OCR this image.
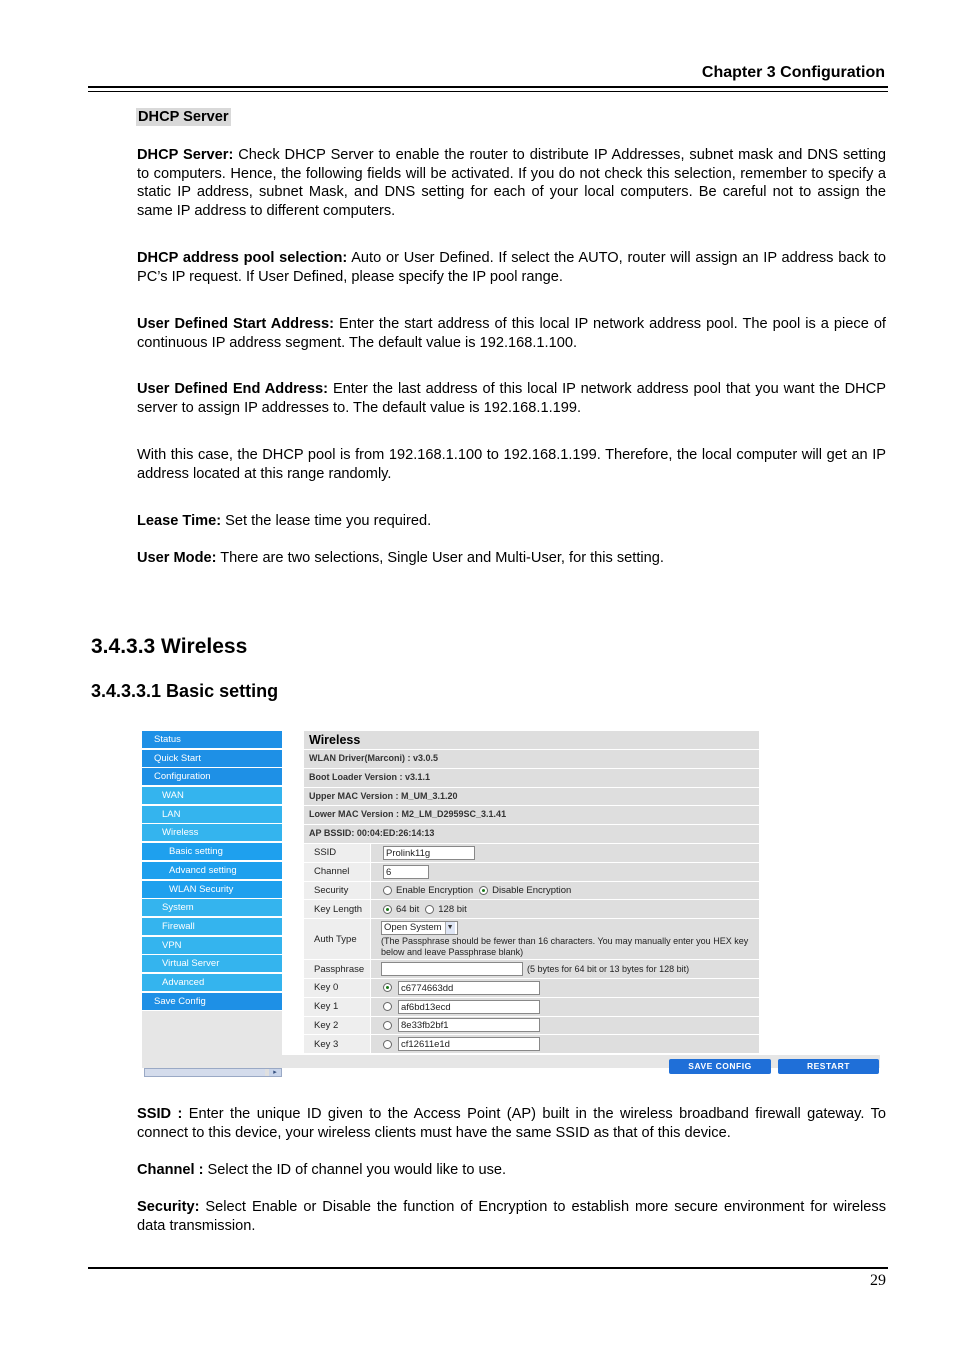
Chapter 3 Configuration
DHCP Server

DHCP Server: Check DHCP Server to enable the router to distribute IP Addresses, subnet mask and DNS setting to computers. Hence, the following fields will be activated. If you do not check this selection, remember to specify a static IP address, subnet Mask, and DNS setting for each of your local computers. Be careful not to assign the same IP address to different computers.

DHCP address pool selection: Auto or User Defined. If select the AUTO, router will assign an IP address back to PC’s IP request. If User Defined, please specify the IP pool range.

User Defined Start Address: Enter the start address of this local IP network address pool. The pool is a piece of continuous IP address segment. The default value is 192.168.1.100.

User Defined End Address: Enter the last address of this local IP network address pool that you want the DHCP server to assign IP addresses to. The default value is 192.168.1.199.

With this case, the DHCP pool is from 192.168.1.100 to 192.168.1.199. Therefore, the local computer will get an IP address located at this range randomly.

Lease Time: Set the lease time you required.

User Mode: There are two selections, Single User and Multi-User, for this setting.

3.4.3.3 Wireless
3.4.3.3.1 Basic setting
Status
Quick Start
Configuration
WAN
LAN
Wireless
Basic setting
Advancd setting
WLAN Security
System
Firewall
VPN
Virtual Server
Advanced
Save Config
▸
Wireless
WLAN Driver(Marconi) : v3.0.5
Boot Loader Version : v3.1.1
Upper MAC Version : M_UM_3.1.20
Lower MAC Version : M2_LM_D2959SC_3.1.41
AP BSSID: 00:04:ED:26:14:13
SSID	Prolink11g
Channel	6
Security	Enable Encryption Disable Encryption
Key Length	64 bit 128 bit
Auth Type
Open System ▼
(The Passphrase should be fewer than 16 characters. You may manually enter you HEX key below and leave Passphrase blank)
Passphrase	(5 bytes for 64 bit or 13 bytes for 128 bit)
Key 0	c6774663dd
Key 1	af6bd13ecd
Key 2	8e33fb2bf1
Key 3	cf12611e1d
SAVE CONFIG	RESTART

SSID : Enter the unique ID given to the Access Point (AP) built in the wireless broadband firewall gateway. To connect to this device, your wireless clients must have the same SSID as that of this device.

Channel : Select the ID of channel you would like to use.

Security: Select Enable or Disable the function of Encryption to establish more secure environment for wireless data transmission.

29
